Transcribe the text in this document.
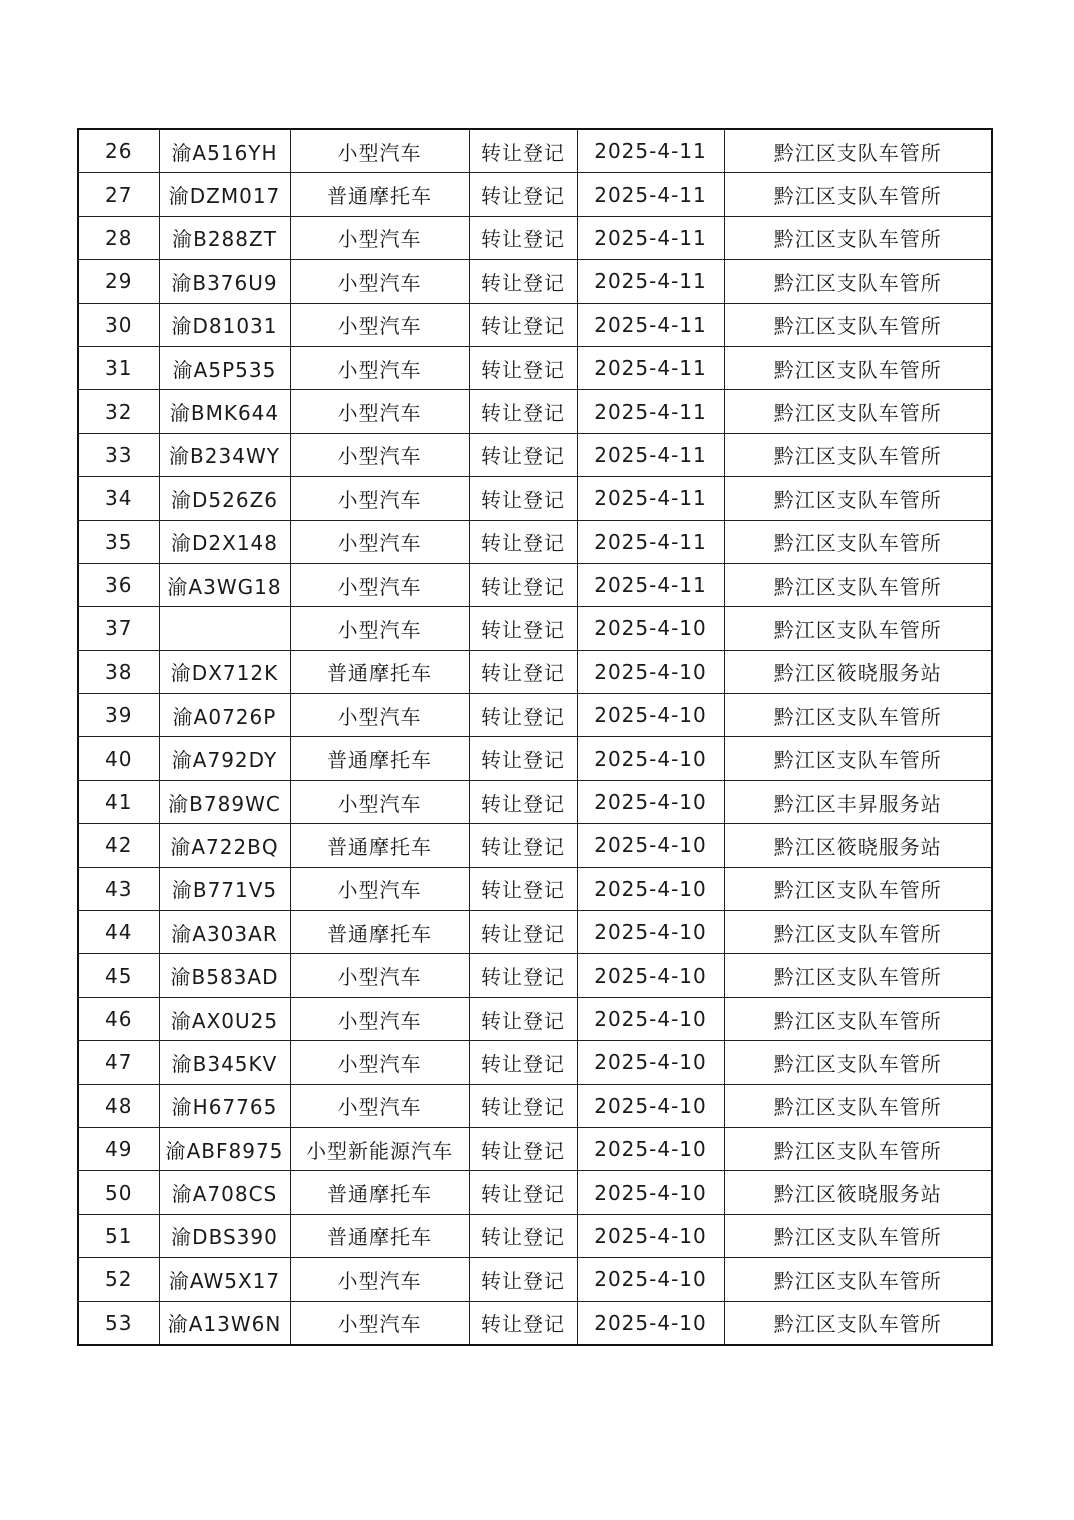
26	渝A516YH	小型汽车	转让登记	2025-4-11	黔江区支队车管所
27	渝DZM017	普通摩托车	转让登记	2025-4-11	黔江区支队车管所
28	渝B288ZT	小型汽车	转让登记	2025-4-11	黔江区支队车管所
29	渝B376U9	小型汽车	转让登记	2025-4-11	黔江区支队车管所
30	渝D81031	小型汽车	转让登记	2025-4-11	黔江区支队车管所
31	渝A5P535	小型汽车	转让登记	2025-4-11	黔江区支队车管所
32	渝BMK644	小型汽车	转让登记	2025-4-11	黔江区支队车管所
33	渝B234WY	小型汽车	转让登记	2025-4-11	黔江区支队车管所
34	渝D526Z6	小型汽车	转让登记	2025-4-11	黔江区支队车管所
35	渝D2X148	小型汽车	转让登记	2025-4-11	黔江区支队车管所
36	渝A3WG18	小型汽车	转让登记	2025-4-11	黔江区支队车管所
37		小型汽车	转让登记	2025-4-10	黔江区支队车管所
38	渝DX712K	普通摩托车	转让登记	2025-4-10	黔江区筱晓服务站
39	渝A0726P	小型汽车	转让登记	2025-4-10	黔江区支队车管所
40	渝A792DY	普通摩托车	转让登记	2025-4-10	黔江区支队车管所
41	渝B789WC	小型汽车	转让登记	2025-4-10	黔江区丰昇服务站
42	渝A722BQ	普通摩托车	转让登记	2025-4-10	黔江区筱晓服务站
43	渝B771V5	小型汽车	转让登记	2025-4-10	黔江区支队车管所
44	渝A303AR	普通摩托车	转让登记	2025-4-10	黔江区支队车管所
45	渝B583AD	小型汽车	转让登记	2025-4-10	黔江区支队车管所
46	渝AX0U25	小型汽车	转让登记	2025-4-10	黔江区支队车管所
47	渝B345KV	小型汽车	转让登记	2025-4-10	黔江区支队车管所
48	渝H67765	小型汽车	转让登记	2025-4-10	黔江区支队车管所
49	渝ABF8975	小型新能源汽车	转让登记	2025-4-10	黔江区支队车管所
50	渝A708CS	普通摩托车	转让登记	2025-4-10	黔江区筱晓服务站
51	渝DBS390	普通摩托车	转让登记	2025-4-10	黔江区支队车管所
52	渝AW5X17	小型汽车	转让登记	2025-4-10	黔江区支队车管所
53	渝A13W6N	小型汽车	转让登记	2025-4-10	黔江区支队车管所
